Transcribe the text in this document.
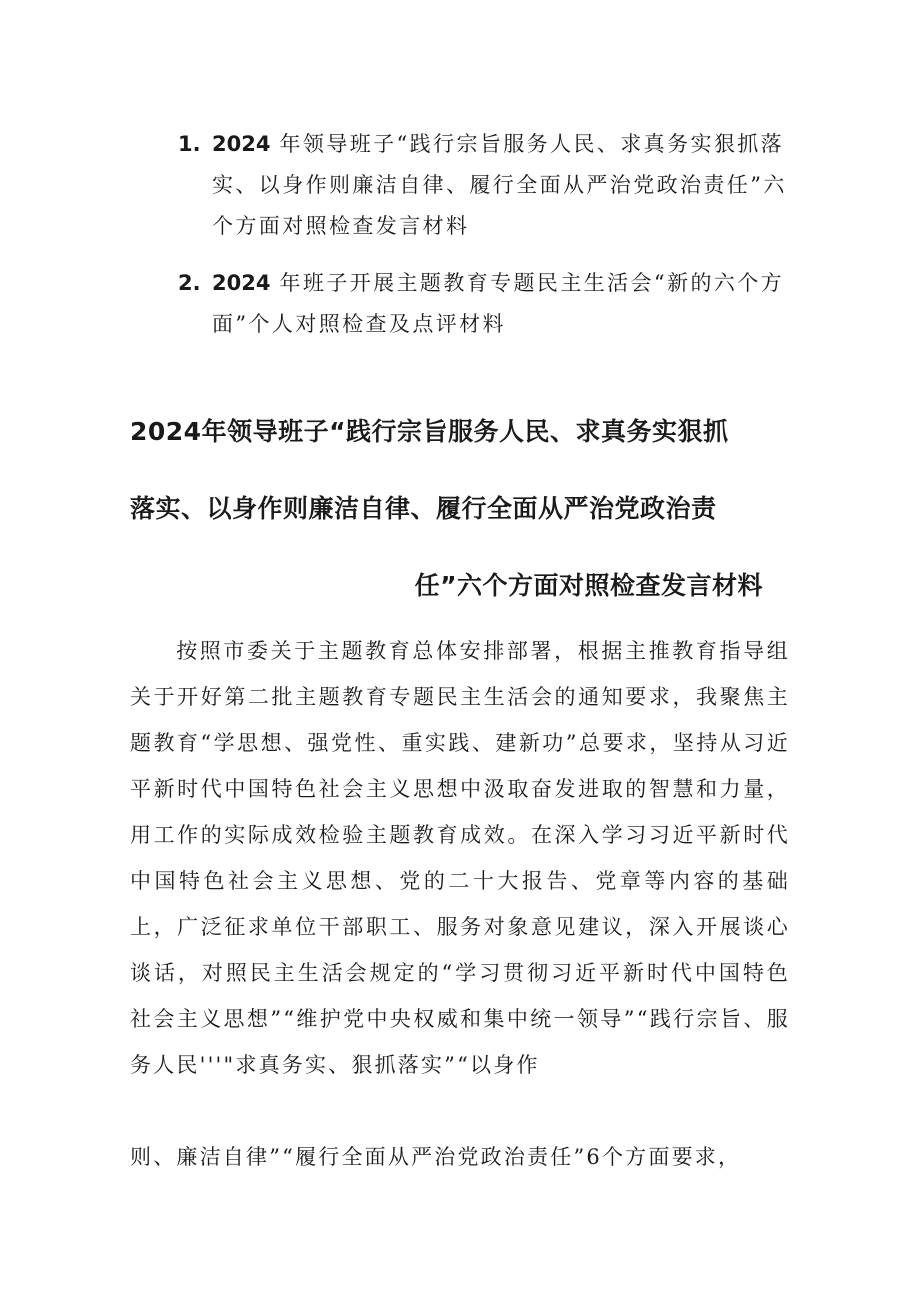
1. 2024 年领导班子“践行宗旨服务人民、求真务实狠抓落实、以身作则廉洁自律、履行全面从严治党政治责任”六个方面对照检查发言材料
2. 2024 年班子开展主题教育专题民主生活会“新的六个方面”个人对照检查及点评材料
2024年领导班子“践行宗旨服务人民、求真务实狠抓
落实、以身作则廉洁自律、履行全面从严治党政治责
任”六个方面对照检查发言材料
按照市委关于主题教育总体安排部署，根据主推教育指导组关于开好第二批主题教育专题民主生活会的通知要求，我聚焦主题教育“学思想、强党性、重实践、建新功”总要求，坚持从习近平新时代中国特色社会主义思想中汲取奋发进取的智慧和力量，用工作的实际成效检验主题教育成效。在深入学习习近平新时代中国特色社会主义思想、党的二十大报告、党章等内容的基础上，广泛征求单位干部职工、服务对象意见建议，深入开展谈心谈话，对照民主生活会规定的“学习贯彻习近平新时代中国特色社会主义思想”“维护党中央权威和集中统一领导”“践行宗旨、服务人民'''"求真务实、狠抓落实”“以身作
则、廉洁自律”“履行全面从严治党政治责任”6个方面要求，
